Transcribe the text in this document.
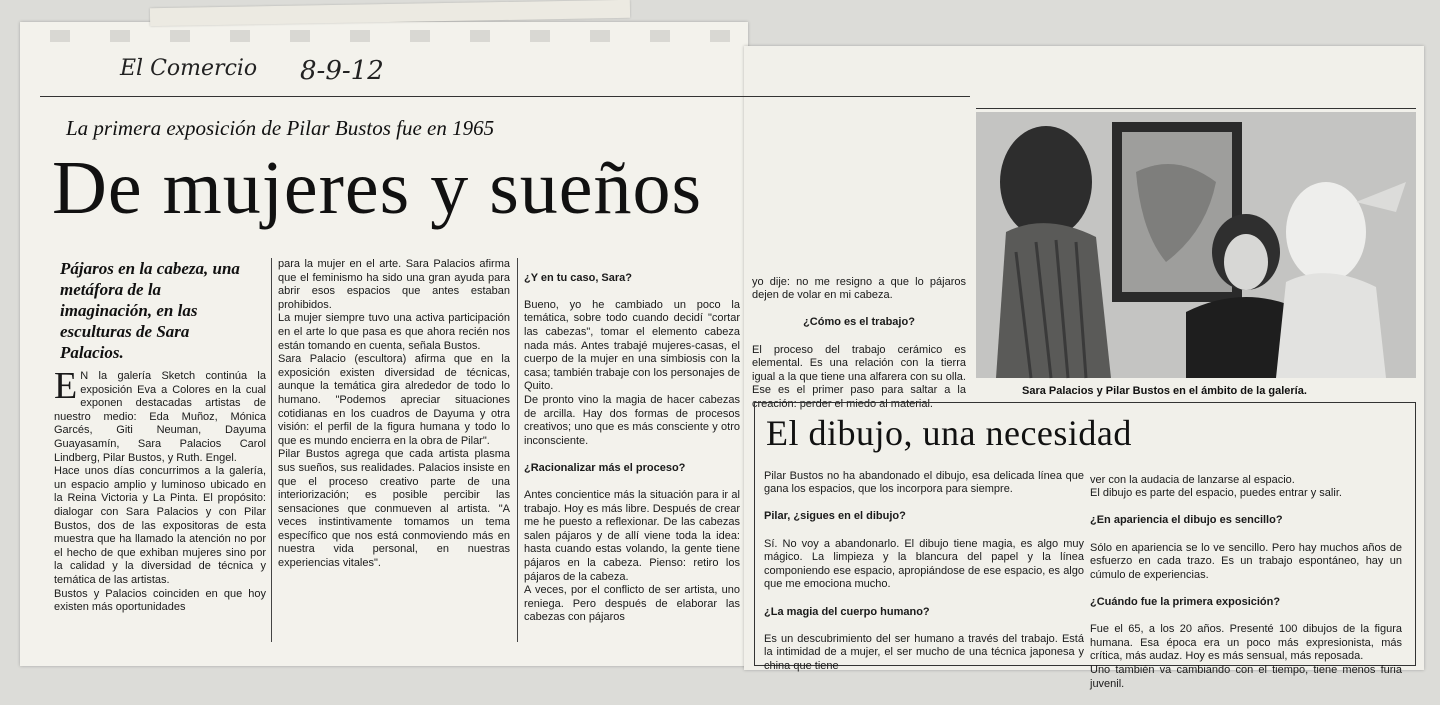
El Comercio 8-9-12
La primera exposición de Pilar Bustos fue en 1965
De mujeres y sueños
Pájaros en la cabeza, una metáfora de la imaginación, en las esculturas de Sara Palacios.
E N la galería Sketch continúa la exposición Eva a Colores en la cual exponen destacadas artistas de nuestro medio: Eda Muñoz, Mónica Garcés, Giti Neuman, Dayuma Guayasamín, Sara Palacios Carol Lindberg, Pilar Bustos, y Ruth. Engel.
Hace unos días concurrimos a la galería, un espacio amplio y luminoso ubicado en la Reina Victoria y La Pinta. El propósito: dialogar con Sara Palacios y con Pilar Bustos, dos de las expositoras de esta muestra que ha llamado la atención no por el hecho de que exhiban mujeres sino por la calidad y la diversidad de técnica y temática de las artistas.
Bustos y Palacios coinciden en que hoy existen más oportunidades
para la mujer en el arte. Sara Palacios afirma que el feminismo ha sido una gran ayuda para abrir esos espacios que antes estaban prohibidos.
La mujer siempre tuvo una activa participación en el arte lo que pasa es que ahora recién nos están tomando en cuenta, señala Bustos.
Sara Palacio (escultora) afirma que en la exposición existen diversidad de técnicas, aunque la temática gira alrededor de todo lo humano. "Podemos apreciar situaciones cotidianas en los cuadros de Dayuma y otra visión: el perfil de la figura humana y todo lo que es mundo encierra en la obra de Pilar".
Pilar Bustos agrega que cada artista plasma sus sueños, sus realidades. Palacios insiste en que el proceso creativo parte de una interiorización; es posible percibir las sensaciones que conmueven al artista. "A veces instintivamente tomamos un tema específico que nos está conmoviendo más en nuestra vida personal, en nuestras experiencias vitales".

¿Y en tu caso, Sara?

Bueno, yo he cambiado un poco la temática, sobre todo cuando decidí "cortar las cabezas", tomar el elemento cabeza nada más. Antes trabajé mujeres-casas, el cuerpo de la mujer en una simbiosis con la casa; también trabaje con los personajes de Quito.
De pronto vino la magia de hacer cabezas de arcilla. Hay dos formas de procesos creativos; uno que es más consciente y otro inconsciente.

¿Racionalizar más el proceso?

Antes concientice más la situación para ir al trabajo. Hoy es más libre. Después de crear me he puesto a reflexionar. De las cabezas salen pájaros y de allí viene toda la idea: hasta cuando estas volando, la gente tiene pájaros en la cabeza. Pienso: retiro los pájaros de la cabeza.
A veces, por el conflicto de ser artista, uno reniega. Pero después de elaborar las cabezas con pájaros

yo dije: no me resigno a que lo pájaros dejen de volar en mi cabeza.

¿Cómo es el trabajo?

El proceso del trabajo cerámico es elemental. Es una relación con la tierra igual a la que tiene una alfarera con su olla. Ese es el primer paso para saltar a la creación: perder el miedo al material.

Sara Palacios y Pilar Bustos en el ámbito de la galería.
El dibujo, una necesidad

Pilar Bustos no ha abandonado el dibujo, esa delicada línea que gana los espacios, que los incorpora para siempre.

Pilar, ¿sigues en el dibujo?

Sí. No voy a abandonarlo. El dibujo tiene magia, es algo muy mágico. La limpieza y la blancura del papel y la línea componiendo ese espacio, apropiándose de ese espacio, es algo que me emociona mucho.

¿La magia del cuerpo humano?

Es un descubrimiento del ser humano a través del trabajo. Está la intimidad de a mujer, el ser mucho de una técnica japonesa y china que tiene

ver con la audacia de lanzarse al espacio.
El dibujo es parte del espacio, puedes entrar y salir.

¿En apariencia el dibujo es sencillo?

Sólo en apariencia se lo ve sencillo. Pero hay muchos años de esfuerzo en cada trazo. Es un trabajo espontáneo, hay un cúmulo de experiencias.

¿Cuándo fue la primera exposición?

Fue el 65, a los 20 años. Presenté 100 dibujos de la figura humana. Esa época era un poco más expresionista, más crítica, más audaz. Hoy es más sensual, más reposada.
Uno también va cambiando con el tiempo, tiene menos furia juvenil.
